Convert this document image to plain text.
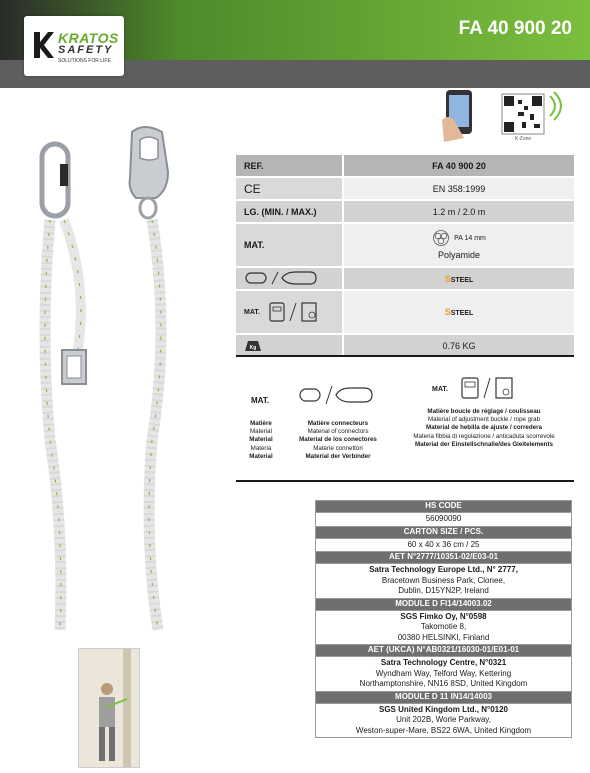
KRATOS
SAFETY
SOLUTIONS FOR LIFE
FA 40 900 20
K-Zone
REF.	FA 40 900 20
CE	EN 358:1999
LG. (MIN. / MAX.)	1.2 m / 2.0 m
MAT.	PA 14 mm
Polyamide

	SSTEEL
MAT.	SSTEEL

Kg	0.76 KG
MAT.
MAT.
Matière
Material
Material
Materia
Material
Matière connecteurs
Material of connectors
Material de los conectores
Materie connettori
Material der Verbinder
Matière boucle de réglage / coulisseau
Material of adjustment buckle / rope grab
Material de hebilla de ajuste / corredera
Materia fibbia di regolazione / anticaduta scorrevole
Material der Einstellschnalle/des Gleitelements
HS CODE
56090090
CARTON SIZE / PCS.
60 x 40 x 36 cm / 25
AET N°2777/10351-02/E03-01
Satra Technology Europe Ltd., N° 2777,
Bracetown Business Park, Clonee,
Dublin, D15YN2P, Ireland
MODULE D FI14/14003.02
SGS Fimko Oy, N°0598
Takomotie 8,
00380 HELSINKI, Finland
AET (UKCA) N°AB0321/16030-01/E01-01
Satra Technology Centre, N°0321
Wyndham Way, Telford Way, Kettering
Northamptonshire, NN16 8SD, United Kingdom
MODULE D 11 IN14/14003
SGS United Kingdom Ltd., N°0120
Unit 202B, Worle Parkway,
Weston-super-Mare, BS22 6WA, United Kingdom
